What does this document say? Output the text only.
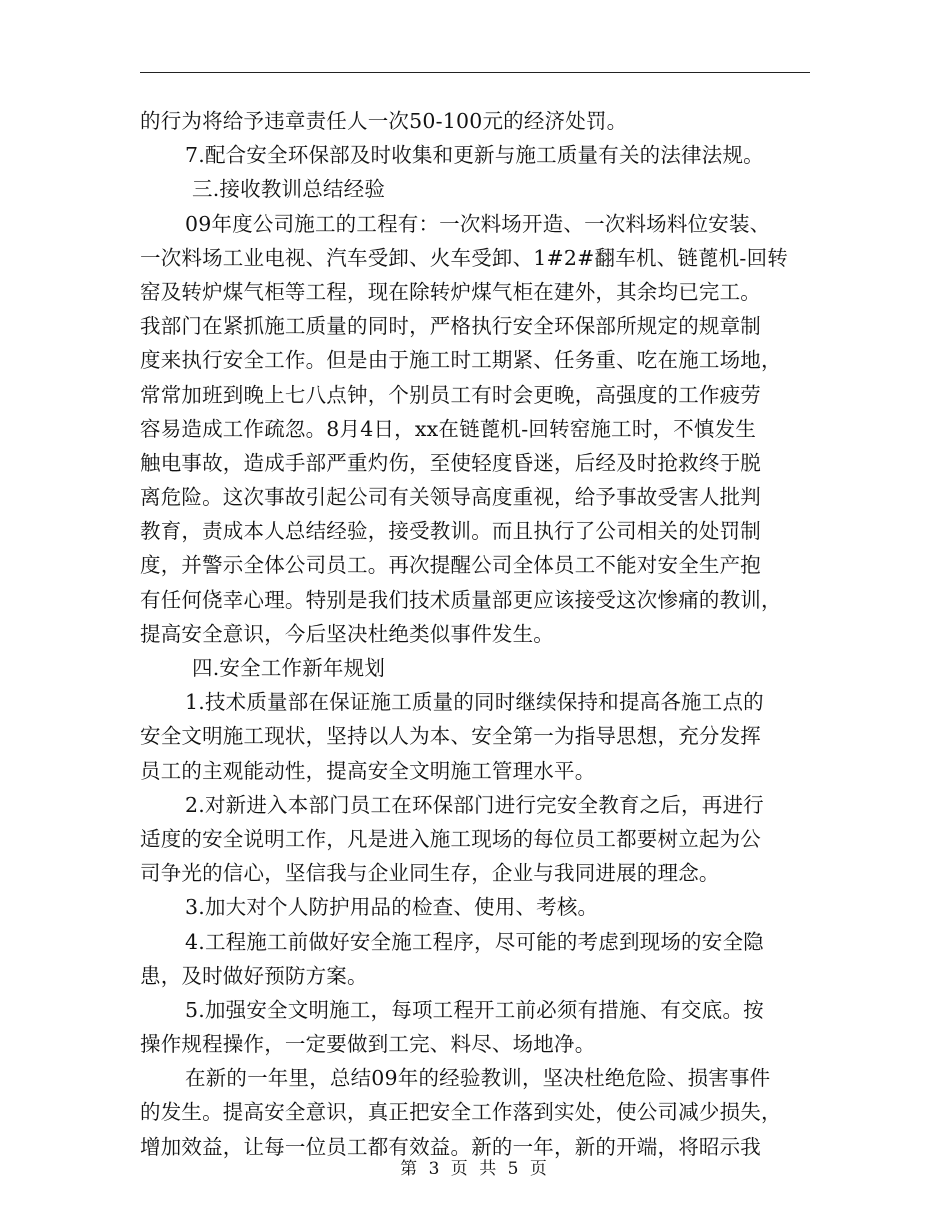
的行为将给予违章责任人一次50-100元的经济处罚。
7.配合安全环保部及时收集和更新与施工质量有关的法律法规。
三.接收教训总结经验
09年度公司施工的工程有：一次料场开造、一次料场料位安装、
一次料场工业电视、汽车受卸、火车受卸、1#2#翻车机、链蓖机-回转
窑及转炉煤气柜等工程，现在除转炉煤气柜在建外，其余均已完工。
我部门在紧抓施工质量的同时，严格执行安全环保部所规定的规章制
度来执行安全工作。但是由于施工时工期紧、任务重、吃在施工场地，
常常加班到晚上七八点钟，个别员工有时会更晚，高强度的工作疲劳
容易造成工作疏忽。8月4日，xx在链蓖机-回转窑施工时，不慎发生
触电事故，造成手部严重灼伤，至使轻度昏迷，后经及时抢救终于脱
离危险。这次事故引起公司有关领导高度重视，给予事故受害人批判
教育，责成本人总结经验，接受教训。而且执行了公司相关的处罚制
度，并警示全体公司员工。再次提醒公司全体员工不能对安全生产抱
有任何侥幸心理。特别是我们技术质量部更应该接受这次惨痛的教训，
提高安全意识，今后坚决杜绝类似事件发生。
四.安全工作新年规划
1.技术质量部在保证施工质量的同时继续保持和提高各施工点的
安全文明施工现状，坚持以人为本、安全第一为指导思想，充分发挥
员工的主观能动性，提高安全文明施工管理水平。
2.对新进入本部门员工在环保部门进行完安全教育之后，再进行
适度的安全说明工作，凡是进入施工现场的每位员工都要树立起为公
司争光的信心，坚信我与企业同生存，企业与我同进展的理念。
3.加大对个人防护用品的检查、使用、考核。
4.工程施工前做好安全施工程序，尽可能的考虑到现场的安全隐
患，及时做好预防方案。
5.加强安全文明施工，每项工程开工前必须有措施、有交底。按
操作规程操作，一定要做到工完、料尽、场地净。
在新的一年里，总结09年的经验教训，坚决杜绝危险、损害事件
的发生。提高安全意识，真正把安全工作落到实处，使公司减少损失，
增加效益，让每一位员工都有效益。新的一年，新的开端，将昭示我
第 3 页 共 5 页
